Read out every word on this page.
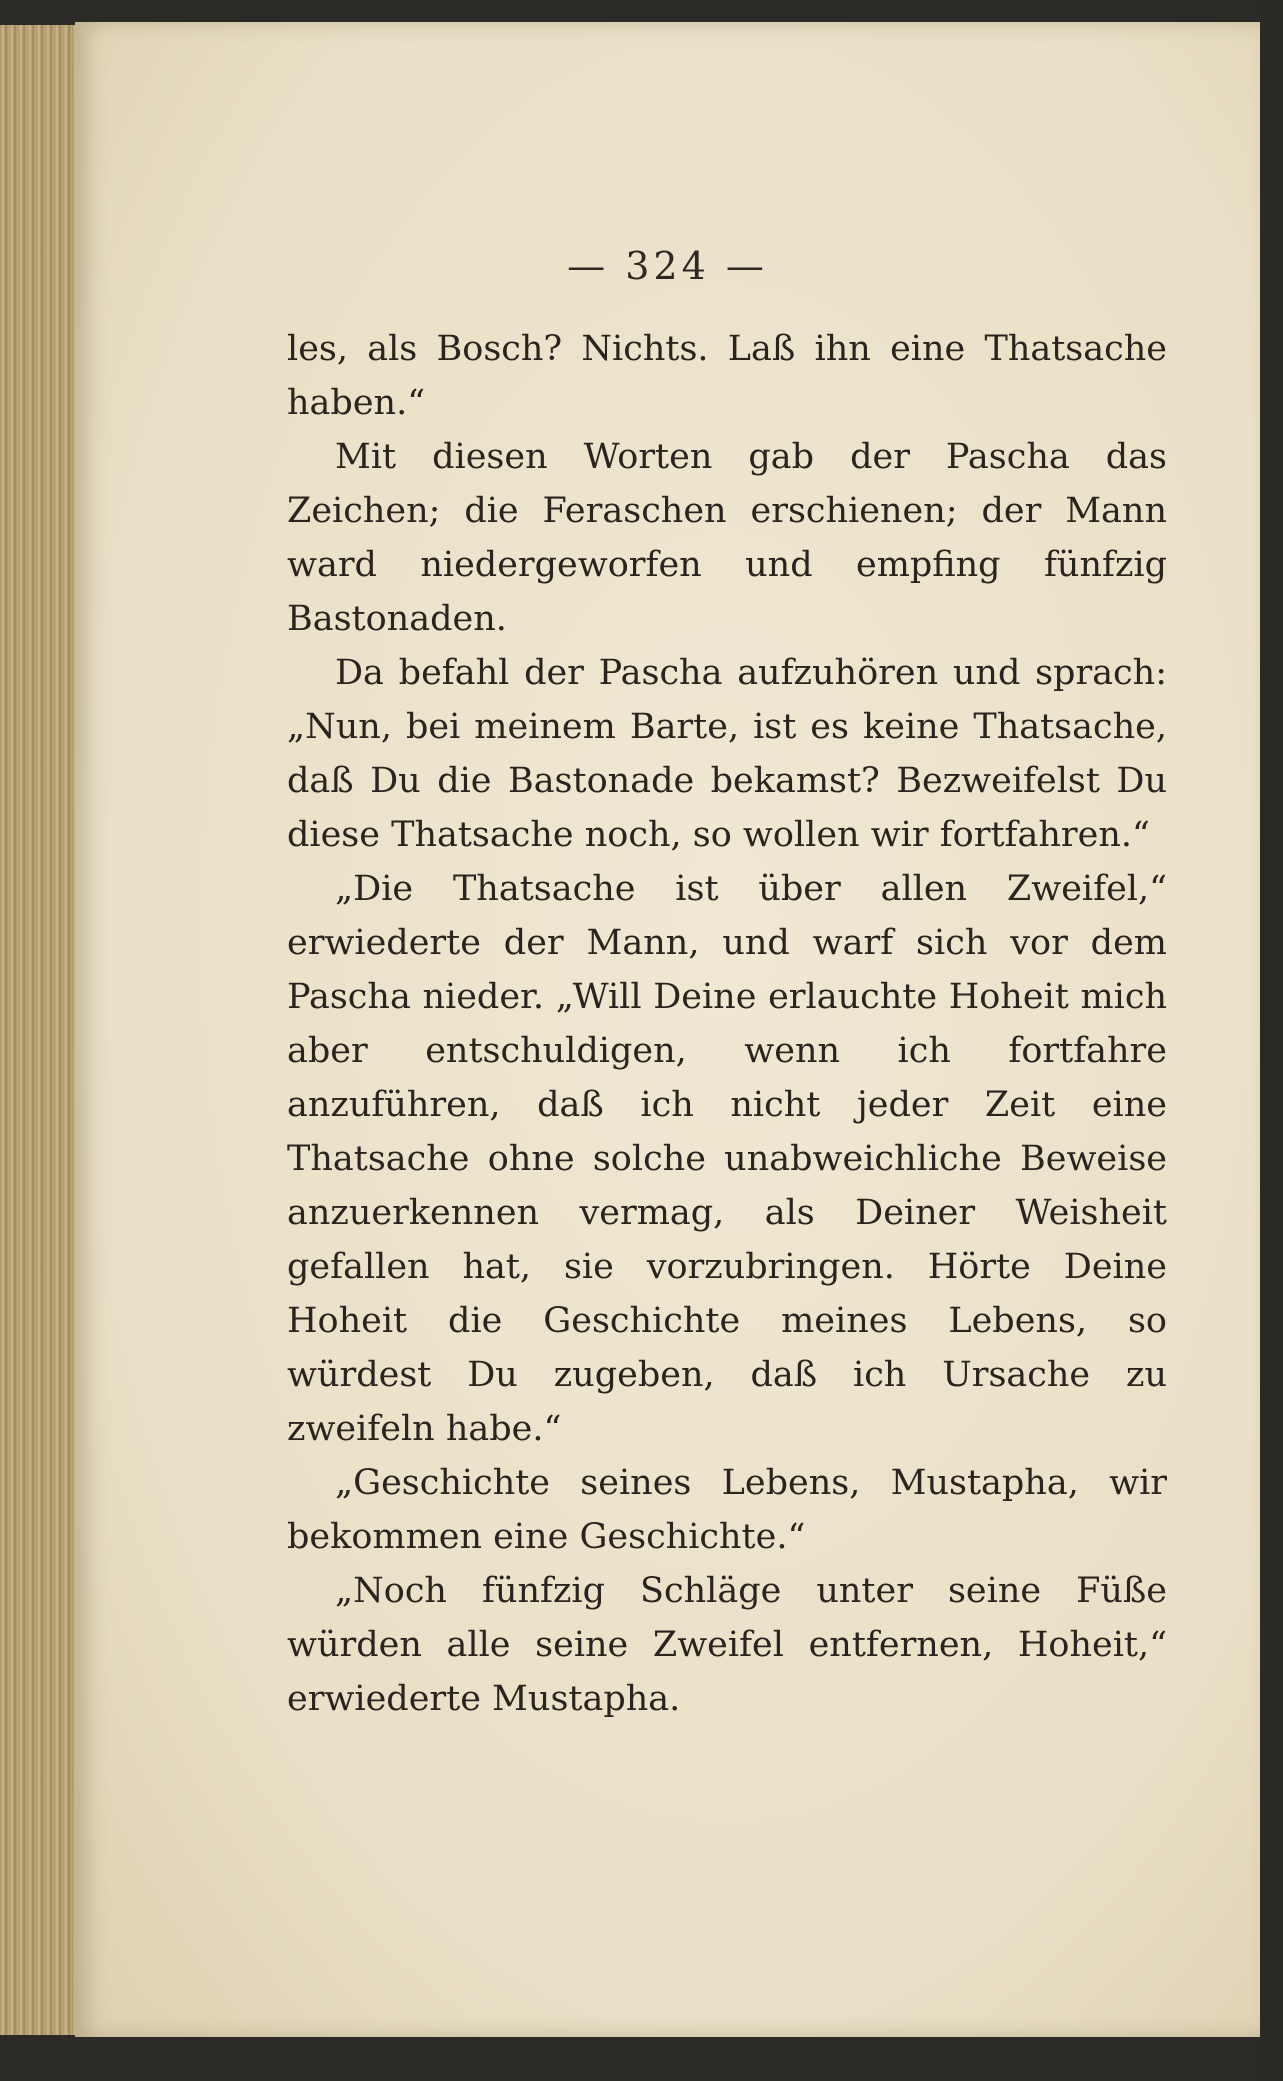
— 324 —

les, als Bosch? Nichts. Laß ihn eine Thatsache haben.“

Mit diesen Worten gab der Pascha das Zeichen; die Feraschen erschienen; der Mann ward niedergeworfen und empfing fünfzig Bastonaden.

Da befahl der Pascha aufzuhören und sprach: „Nun, bei meinem Barte, ist es keine Thatsache, daß Du die Bastonade bekamst? Bezweifelst Du diese Thatsache noch, so wollen wir fortfahren.“

„Die Thatsache ist über allen Zweifel,“ erwiederte der Mann, und warf sich vor dem Pascha nieder. „Will Deine erlauchte Hoheit mich aber entschuldigen, wenn ich fortfahre anzuführen, daß ich nicht jeder Zeit eine Thatsache ohne solche unabweichliche Beweise anzuerkennen vermag, als Deiner Weisheit gefallen hat, sie vorzubringen. Hörte Deine Hoheit die Geschichte meines Lebens, so würdest Du zugeben, daß ich Ursache zu zweifeln habe.“

„Geschichte seines Lebens, Mustapha, wir bekommen eine Geschichte.“

„Noch fünfzig Schläge unter seine Füße würden alle seine Zweifel entfernen, Hoheit,“ erwiederte Mustapha.
